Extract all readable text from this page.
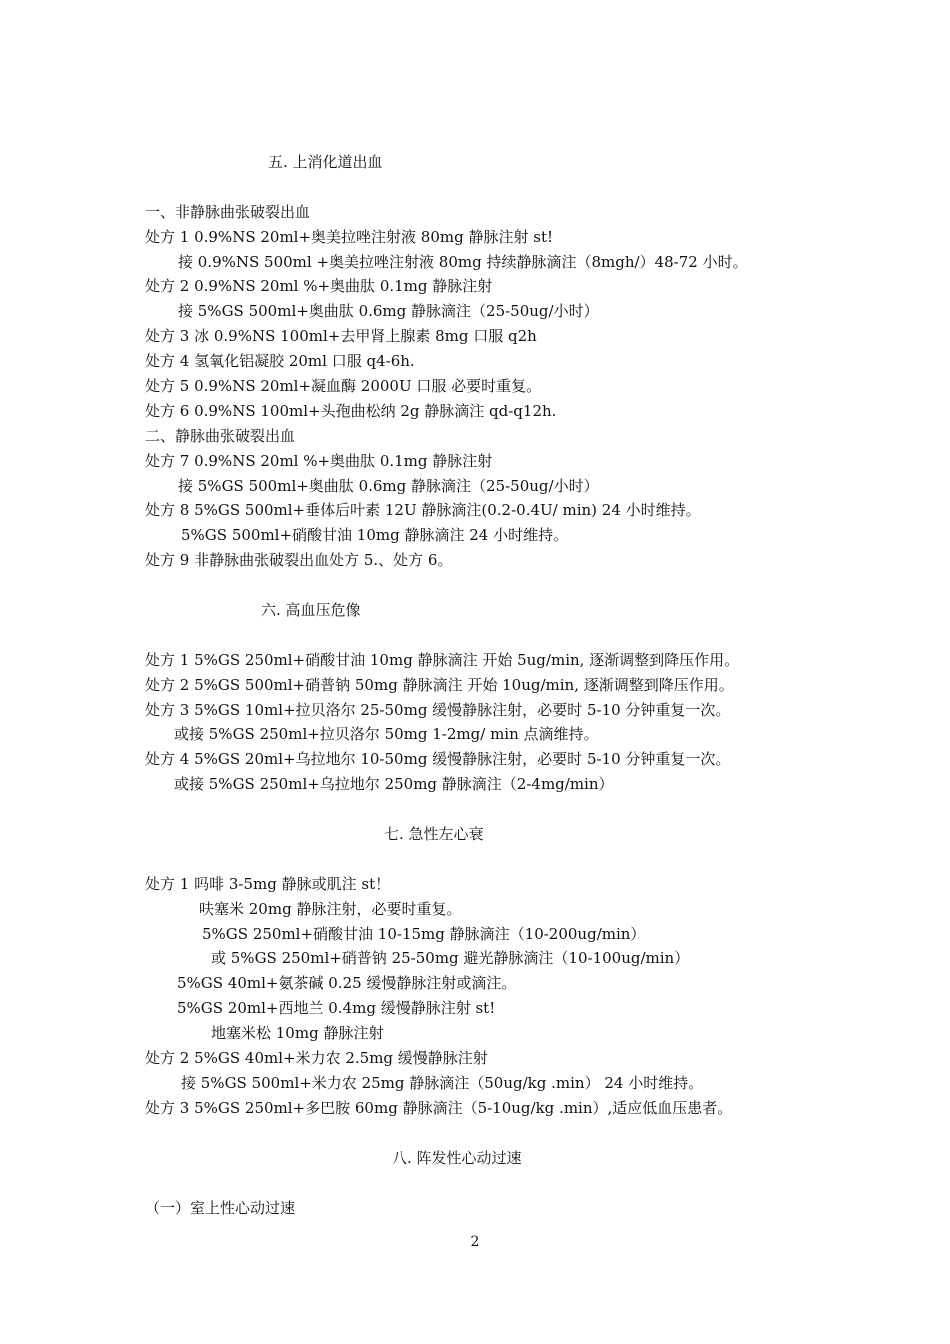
五. 上消化道出血
一、非静脉曲张破裂出血
处方 1 0.9%NS 20ml+奥美拉唑注射液 80mg 静脉注射 st!
接 0.9%NS 500ml +奥美拉唑注射液 80mg 持续静脉滴注（8mgh/）48-72 小时。
处方 2 0.9%NS 20ml %+奥曲肽 0.1mg 静脉注射
接 5%GS 500ml+奥曲肽 0.6mg 静脉滴注（25-50ug/小时）
处方 3 冰 0.9%NS 100ml+去甲肾上腺素 8mg 口服 q2h
处方 4 氢氧化铝凝胶 20ml 口服 q4-6h.
处方 5 0.9%NS 20ml+凝血酶 2000U 口服 必要时重复。
处方 6 0.9%NS 100ml+头孢曲松纳 2g 静脉滴注 qd-q12h.
二、静脉曲张破裂出血
处方 7 0.9%NS 20ml %+奥曲肽 0.1mg 静脉注射
接 5%GS 500ml+奥曲肽 0.6mg 静脉滴注（25-50ug/小时）
处方 8 5%GS 500ml+垂体后叶素 12U 静脉滴注(0.2-0.4U/ min) 24 小时维持。
5%GS 500ml+硝酸甘油 10mg 静脉滴注 24 小时维持。
处方 9 非静脉曲张破裂出血处方 5.、处方 6。
六. 高血压危像
处方 1 5%GS 250ml+硝酸甘油 10mg 静脉滴注 开始 5ug/min, 逐渐调整到降压作用。
处方 2 5%GS 500ml+硝普钠 50mg 静脉滴注 开始 10ug/min, 逐渐调整到降压作用。
处方 3 5%GS 10ml+拉贝洛尔 25-50mg 缓慢静脉注射，必要时 5-10 分钟重复一次。
或接 5%GS 250ml+拉贝洛尔 50mg 1-2mg/ min 点滴维持。
处方 4 5%GS 20ml+乌拉地尔 10-50mg 缓慢静脉注射，必要时 5-10 分钟重复一次。
或接 5%GS 250ml+乌拉地尔 250mg 静脉滴注（2-4mg/min）
七. 急性左心衰
处方 1 吗啡 3-5mg 静脉或肌注 st！
呋塞米 20mg 静脉注射，必要时重复。
5%GS 250ml+硝酸甘油 10-15mg 静脉滴注（10-200ug/min）
或 5%GS 250ml+硝普钠 25-50mg 避光静脉滴注（10-100ug/min）
5%GS 40ml+氨茶碱 0.25 缓慢静脉注射或滴注。
5%GS 20ml+西地兰 0.4mg 缓慢静脉注射 st!
地塞米松 10mg 静脉注射
处方 2 5%GS 40ml+米力农 2.5mg 缓慢静脉注射
接 5%GS 500ml+米力农 25mg 静脉滴注（50ug/kg .min） 24 小时维持。
处方 3 5%GS 250ml+多巴胺 60mg 静脉滴注（5-10ug/kg .min）,适应低血压患者。
八. 阵发性心动过速
（一）室上性心动过速
2
